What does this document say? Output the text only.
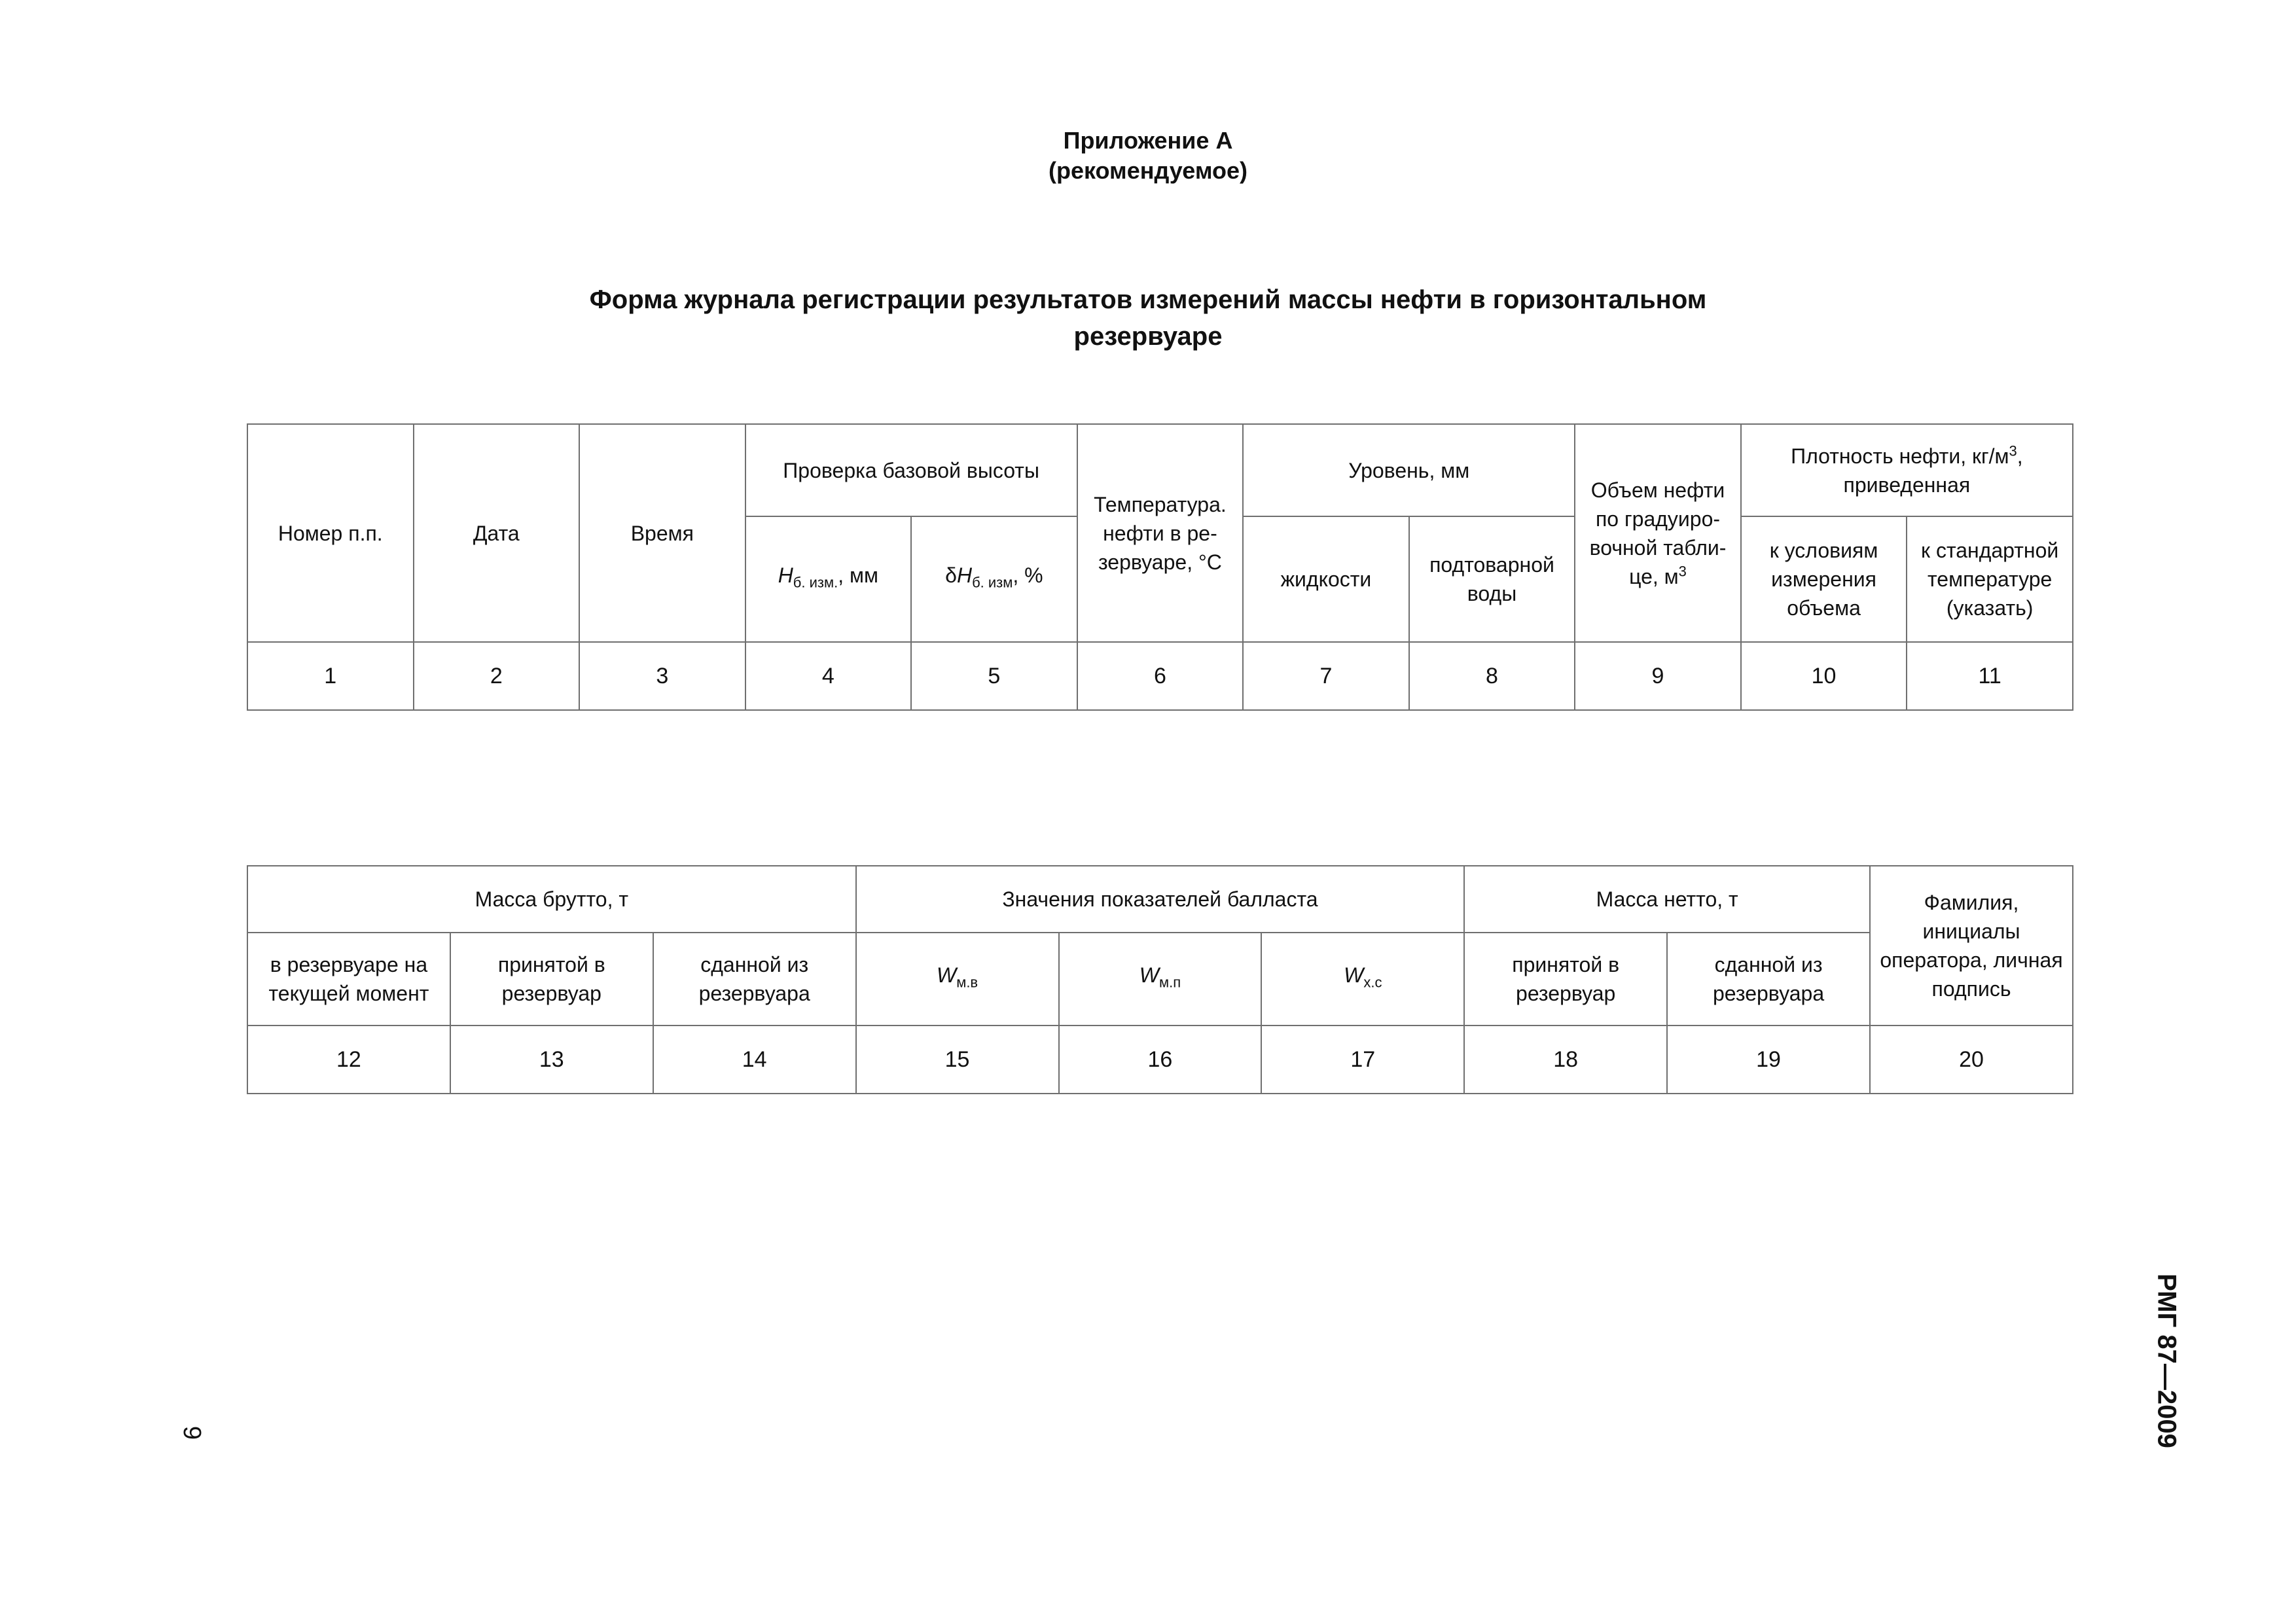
Приложение А
(рекомендуемое)
Форма журнала регистрации результатов измерений массы нефти в горизонтальном
резервуаре
Номер п.п.	Дата	Время	Проверка базовой высоты		Температура. нефти в ре-зервуаре, °С	Уровень, мм		Объем нефти по градуиро-вочной табли-це, $м^3$	Плотность нефти, $кг/м^3$, приведенная	
			$H_{б. изм.}$, мм	$\delta H_{б. изм}$, %		жидкости	подтоварной воды		к условиям измерения объема	к стандартной температуре (указать)
1	2	3	4	5	6	7	8	9	10	11
Масса брутто, т			Значения показателей балласта			Масса нетто, т		Фамилия, инициалы оператора, личная подпись
в резервуаре на текущей момент	принятой в резервуар	сданной из резервуара	$W_{м.в}$	$W_{м.п}$	$W_{х.с}$	принятой в резервуар	сданной из резервуара	
12	13	14	15	16	17	18	19	20
РМГ 87—2009
9
